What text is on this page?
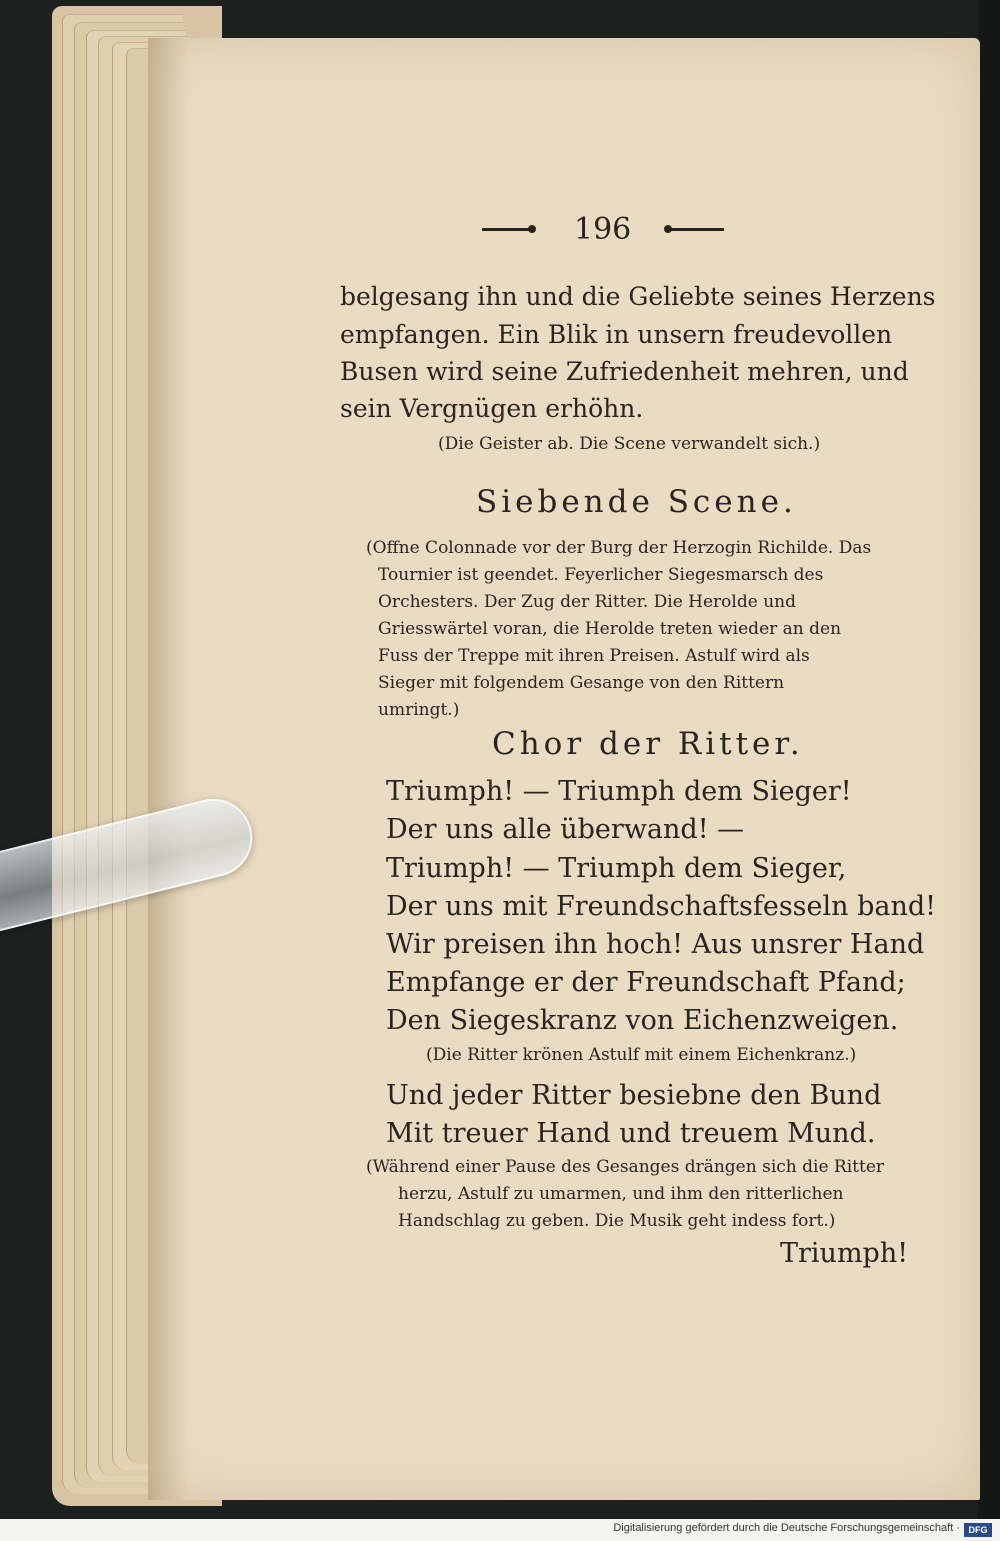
196
belgesang ihn und die Geliebte seines Herzens
empfangen. Ein Blik in unsern freudevollen
Busen wird seine Zufriedenheit mehren, und
sein Vergnügen erhöhn.
(Die Geister ab. Die Scene verwandelt sich.)
Siebende Scene.
(Offne Colonnade vor der Burg der Herzogin Richilde. Das
Tournier ist geendet. Feyerlicher Siegesmarsch des
Orchesters. Der Zug der Ritter. Die Herolde und
Griesswärtel voran, die Herolde treten wieder an den
Fuss der Treppe mit ihren Preisen. Astulf wird als
Sieger mit folgendem Gesange von den Rittern
umringt.)
Chor der Ritter.
Triumph! — Triumph dem Sieger!
Der uns alle überwand! —
Triumph! — Triumph dem Sieger,
Der uns mit Freundschaftsfesseln band!
Wir preisen ihn hoch! Aus unsrer Hand
Empfange er der Freundschaft Pfand;
Den Siegeskranz von Eichenzweigen.
(Die Ritter krönen Astulf mit einem Eichenkranz.)
Und jeder Ritter besiebne den Bund
Mit treuer Hand und treuem Mund.
(Während einer Pause des Gesanges drängen sich die Ritter
herzu, Astulf zu umarmen, und ihm den ritterlichen
Handschlag zu geben. Die Musik geht indess fort.)
Triumph!
Digitalisierung gefördert durch die Deutsche Forschungsgemeinschaft · DFG
